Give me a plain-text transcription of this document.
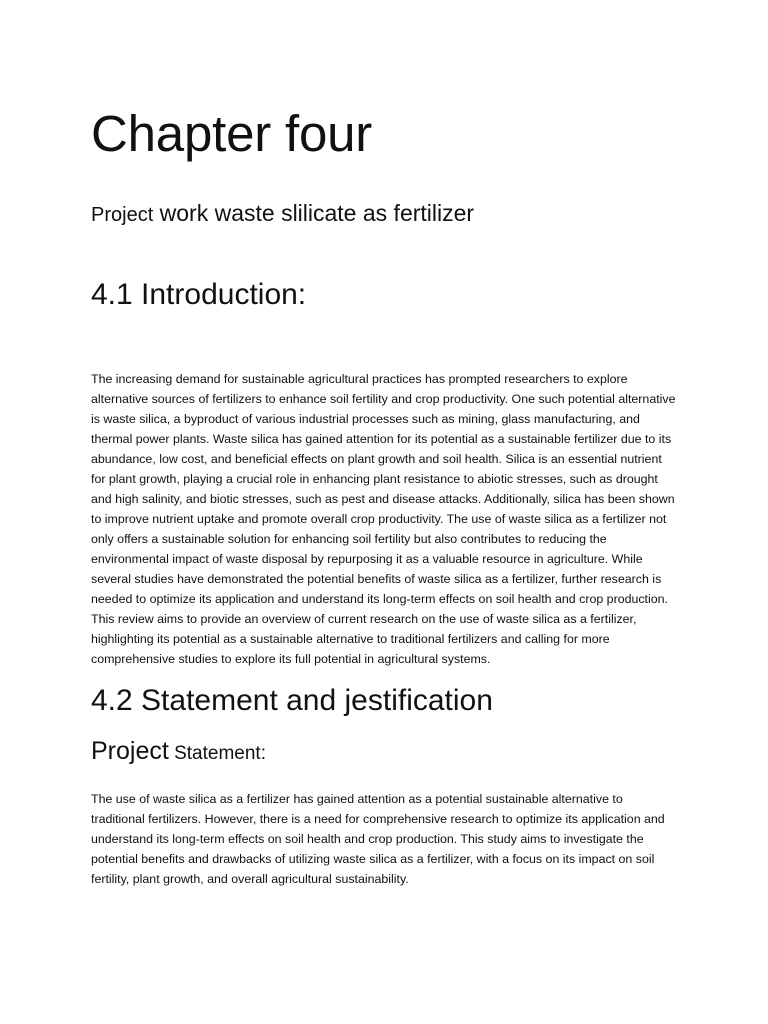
Chapter four

Project work waste slilicate as fertilizer

4.1 Introduction:

The increasing demand for sustainable agricultural practices has prompted researchers to explore alternative sources of fertilizers to enhance soil fertility and crop productivity. One such potential alternative is waste silica, a byproduct of various industrial processes such as mining, glass manufacturing, and thermal power plants. Waste silica has gained attention for its potential as a sustainable fertilizer due to its abundance, low cost, and beneficial effects on plant growth and soil health. Silica is an essential nutrient for plant growth, playing a crucial role in enhancing plant resistance to abiotic stresses, such as drought and high salinity, and biotic stresses, such as pest and disease attacks. Additionally, silica has been shown to improve nutrient uptake and promote overall crop productivity. The use of waste silica as a fertilizer not only offers a sustainable solution for enhancing soil fertility but also contributes to reducing the environmental impact of waste disposal by repurposing it as a valuable resource in agriculture. While several studies have demonstrated the potential benefits of waste silica as a fertilizer, further research is needed to optimize its application and understand its long-term effects on soil health and crop production. This review aims to provide an overview of current research on the use of waste silica as a fertilizer, highlighting its potential as a sustainable alternative to traditional fertilizers and calling for more comprehensive studies to explore its full potential in agricultural systems.

4.2 Statement and jestification

Project Statement:

The use of waste silica as a fertilizer has gained attention as a potential sustainable alternative to traditional fertilizers. However, there is a need for comprehensive research to optimize its application and understand its long-term effects on soil health and crop production. This study aims to investigate the potential benefits and drawbacks of utilizing waste silica as a fertilizer, with a focus on its impact on soil fertility, plant growth, and overall agricultural sustainability.
